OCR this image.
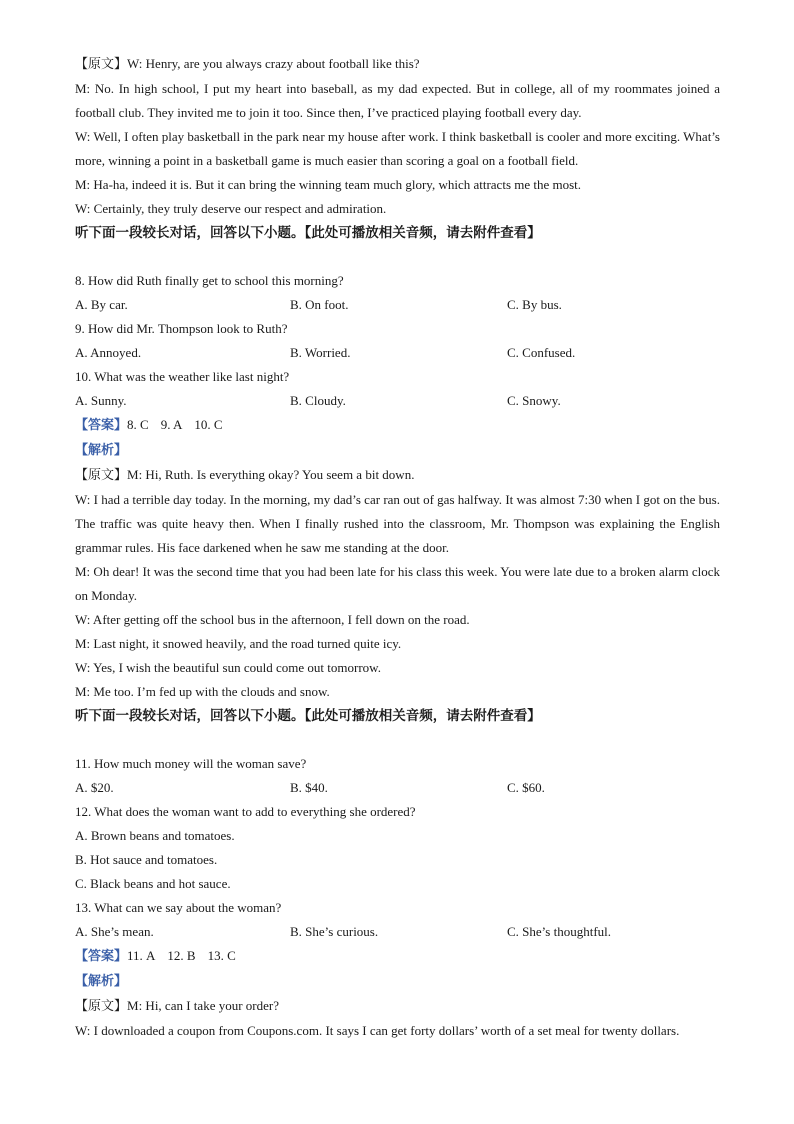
【原文】W: Henry, are you always crazy about football like this?
M: No. In high school, I put my heart into baseball, as my dad expected. But in college, all of my roommates joined a football club. They invited me to join it too. Since then, I’ve practiced playing football every day.
W: Well, I often play basketball in the park near my house after work. I think basketball is cooler and more exciting. What’s more, winning a point in a basketball game is much easier than scoring a goal on a football field.
M: Ha-ha, indeed it is. But it can bring the winning team much glory, which attracts me the most.
W: Certainly, they truly deserve our respect and admiration.
听下面一段较长对话，回答以下小题。【此处可播放相关音频，请去附件查看】
8. How did Ruth finally get to school this morning?
A. By car.	B. On foot.	C. By bus.
9. How did Mr. Thompson look to Ruth?
A. Annoyed.	B. Worried.	C. Confused.
10. What was the weather like last night?
A. Sunny.	B. Cloudy.	C. Snowy.
【答案】8. C 9. A 10. C
【解析】
【原文】M: Hi, Ruth. Is everything okay? You seem a bit down.
W: I had a terrible day today. In the morning, my dad’s car ran out of gas halfway. It was almost 7:30 when I got on the bus. The traffic was quite heavy then. When I finally rushed into the classroom, Mr. Thompson was explaining the English grammar rules. His face darkened when he saw me standing at the door.
M: Oh dear! It was the second time that you had been late for his class this week. You were late due to a broken alarm clock on Monday.
W: After getting off the school bus in the afternoon, I fell down on the road.
M: Last night, it snowed heavily, and the road turned quite icy.
W: Yes, I wish the beautiful sun could come out tomorrow.
M: Me too. I’m fed up with the clouds and snow.
听下面一段较长对话，回答以下小题。【此处可播放相关音频，请去附件查看】
11. How much money will the woman save?
A. $20.	B. $40.	C. $60.
12. What does the woman want to add to everything she ordered?
A. Brown beans and tomatoes.
B. Hot sauce and tomatoes.
C. Black beans and hot sauce.
13. What can we say about the woman?
A. She’s mean.	B. She’s curious.	C. She’s thoughtful.
【答案】11. A 12. B 13. C
【解析】
【原文】M: Hi, can I take your order?
W: I downloaded a coupon from Coupons.com. It says I can get forty dollars’ worth of a set meal for twenty dollars.
